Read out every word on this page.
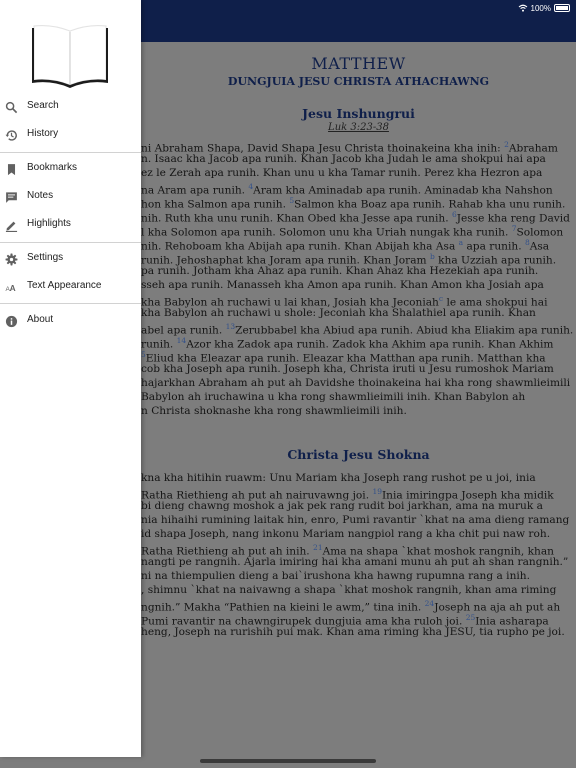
100%
MATTHEW
DUNGJUIA JESU CHRISTA ATHACHAWNG
Jesu Inshungrui
Luk 3:23-38
ni Abraham Shapa, David Shapa Jesu Christa thoinakeina kha inih: $^2$Abraham
n. Isaac kha Jacob apa runih. Khan Jacob kha Judah le ama shokpui hai apa
ez le Zerah apa runih. Khan unu u kha Tamar runih. Perez kha Hezron apa
na Aram apa runih. $^4$Aram kha Aminadab apa runih. Aminadab kha Nahshon
hon kha Salmon apa runih. $^5$Salmon kha Boaz apa runih. Rahab kha unu runih.
nih. Ruth kha unu runih. Khan Obed kha Jesse apa runih. $^6$Jesse kha reng David
l kha Solomon apa runih. Solomon unu kha Uriah nungak kha runih. $^7$Solomon
nih. Rehoboam kha Abijah apa runih. Khan Abijah kha Asa $^a$ apa runih. $^8$Asa
runih. Jehoshaphat kha Joram apa runih. Khan Joram $^b$ kha Uzziah apa runih.
pa runih. Jotham kha Ahaz apa runih. Khan Ahaz kha Hezekiah apa runih.
sseh apa runih. Manasseh kha Amon apa runih. Khan Amon kha Josiah apa
kha Babylon ah ruchawi u lai khan, Josiah kha Jeconiah$^c$ le ama shokpui hai
kha Babylon ah ruchawi u shole: Jeconiah kha Shalathiel apa runih. Khan
abel apa runih. $^{13}$Zerubbabel kha Abiud apa runih. Abiud kha Eliakim apa runih.
runih. $^{14}$Azor kha Zadok apa runih. Zadok kha Akhim apa runih. Khan Akhim
$^5$Eliud kha Eleazar apa runih. Eleazar kha Matthan apa runih. Matthan kha
cob kha Joseph apa runih. Joseph kha, Christa iruti u Jesu rumoshok Mariam
hajarkhan Abraham ah put ah Davidshe thoinakeina hai kha rong shawmlieimili
Babylon ah iruchawina u kha rong shawmlieimili inih. Khan Babylon ah
n Christa shoknashe kha rong shawmlieimili inih.
kna kha hitihin ruawm: Unu Mariam kha Joseph rang rushot pe u joi, inia
Ratha Riethieng ah put ah nairuvawng joi. $^{19}$Inia imiringpa Joseph kha midik
bi dieng chawng moshok a jak pek rang rudit boi jarkhan, ama na muruk a
nia hihaihi rumining laitak hin, enro, Pumi ravantir `khat na ama dieng ramang
id shapa Joseph, nang inkonu Mariam nangpiol rang a kha chit pui naw roh.
Ratha Riethieng ah put ah inih. $^{21}$Ama na shapa `khat moshok rangnih, khan
nangti pe rangnih. Ajarla imiring hai kha amani munu ah put ah shan rangnih.”
ni na thiempulien dieng a bai`irushona kha hawng rupumna rang a inih.
, shimnu `khat na naivawng a shapa `khat moshok rangnih, khan ama riming
ngnih.” Makha “Pathien na kieini le awm,” tina inih. $^{24}$Joseph na aja ah put ah
Pumi ravantir na chawngirupek dungjuia ama kha ruloh joi. $^{25}$Inia asharapa
heng, Joseph na rurishih pui mak. Khan ama riming kha JESU, tia rupho pe joi.
Christa Jesu Shokna
Search
History
Bookmarks
Notes
Highlights
Settings
A A Text Appearance
About
